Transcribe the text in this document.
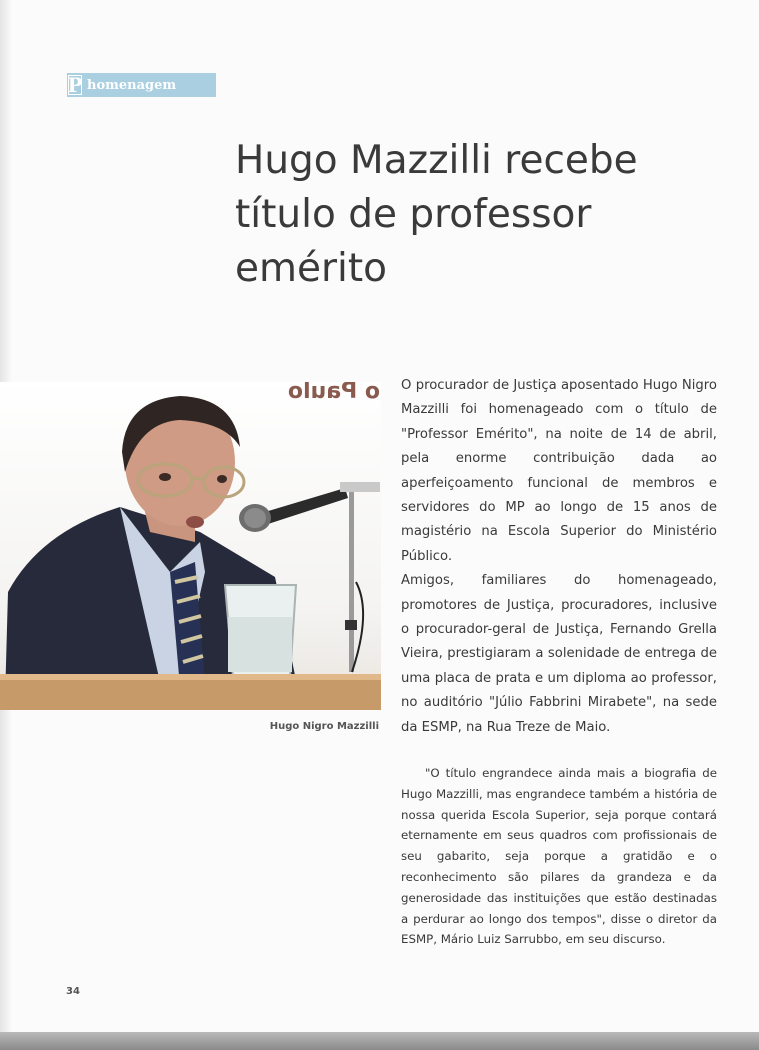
P homenagem
Hugo Mazzilli recebe título de professor emérito
ο Ρaulo
Hugo Nigro Mazzilli

O procurador de Justiça aposentado Hugo Nigro Mazzilli foi homenageado com o título de "Professor Emérito", na noite de 14 de abril, pela enorme contribuição dada ao aperfeiçoamento funcional de membros e servidores do MP ao longo de 15 anos de magistério na Escola Superior do Ministério Público.

Amigos, familiares do homenageado, promotores de Justiça, procuradores, inclusive o procurador-geral de Justiça, Fernando Grella Vieira, prestigiaram a solenidade de entrega de uma placa de prata e um diploma ao professor, no auditório "Júlio Fabbrini Mirabete", na sede da ESMP, na Rua Treze de Maio.

"O título engrandece ainda mais a biografia de Hugo Mazzilli, mas engrandece também a história de nossa querida Escola Superior, seja porque contará eternamente em seus quadros com profissionais de seu gabarito, seja porque a gratidão e o reconhecimento são pilares da grandeza e da generosidade das instituições que estão destinadas a perdurar ao longo dos tempos", disse o diretor da ESMP, Mário Luiz Sarrubbo, em seu discurso.
34
